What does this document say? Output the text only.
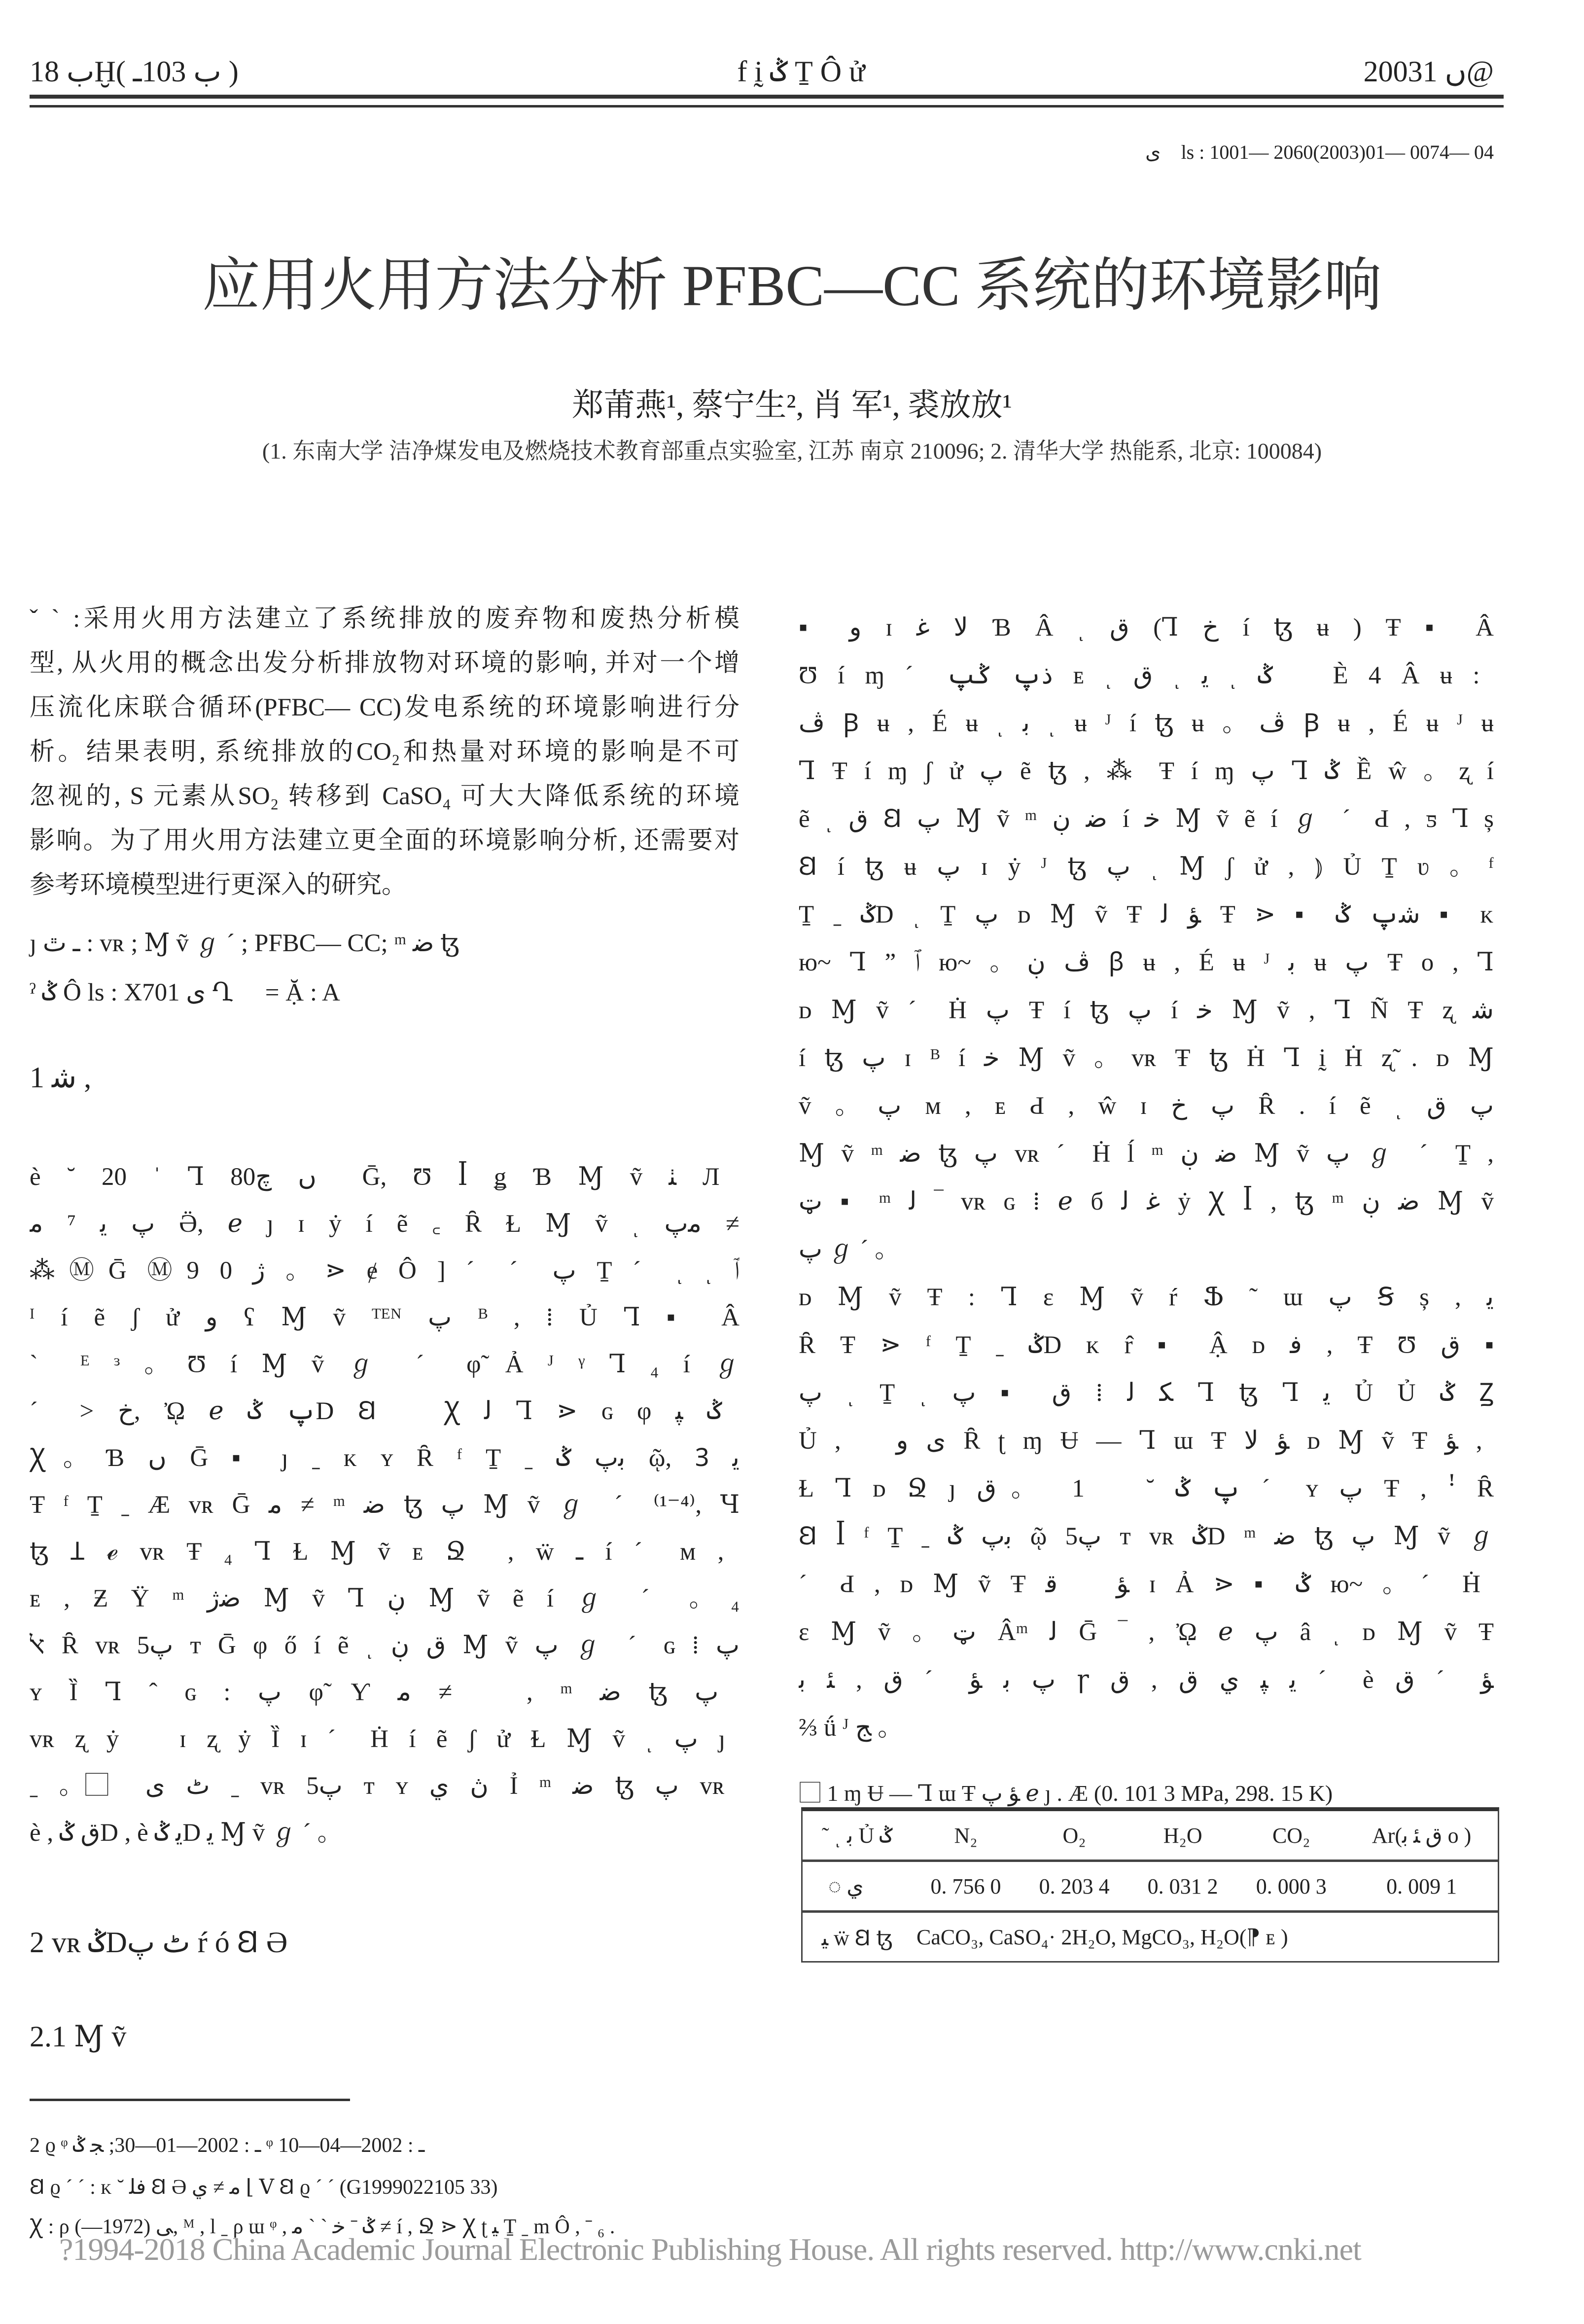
ب 18Ḫ( ب 103ـ )	f ḭ ݣ Ṯ Ô ử	2003ں 1@
ى ⃞ls : 1001— 2060(2003)01— 0074— 04
应用火用方法分析 PFBC—CC 系统的环境影响
郑莆燕¹, 蔡宁生², 肖 军¹, 裘放放¹
(1. 东南大学 洁净煤发电及燃烧技术教育部重点实验室, 江苏 南京 210096; 2. 清华大学 热能系, 北京: 100084)
ˇ ˋ :采用火用方法建立了系统排放的废弃物和废热分析模
型, 从火用的概念出发分析排放物对环境的影响, 并对一个增
压流化床联合循环(PFBC— CC)发电系统的环境影响进行分
析。结果表明, 系统排放的CO₂和热量对环境的影响是不可
忽视的, S 元素从SO₂ 转移到 CaSO₄ 可大大降低系统的环境
影响。为了用火用方法建立更全面的环境影响分析, 还需要对
参考环境模型进行更深入的研究。
ȷ ـ ٿ : ᴠʀ ; Ɱ ṽ ℊ ˊ ; PFBC— CC; ᵐ ﺿ ꜩ
ˀ ݣ Ô ls : X701 ى Ղ ⃞ = Ặ : A
1 ﺷ ,
è ˘ 20 ˈ Ꞁ 80ں چ ⃞Ḡ, Ʊ ꟾ ǥ Ɓ Ɱ ṽ ﭡ Л
پ ﯾ ⁷ ﻣ Ӛ, ℯ ȷ ɪ ẏ í ẽ ꜀ Ȓ Ɫ Ɱ ṽ ͺ ﻣپ ≠
⁂ⓂḠ Ⓜ9 ﮊ 0 。⋗ ɇ Ô ] ˊ ˊ پ Ṯ ˊ ͺ ͺ ﭐ
ᴵ í ẽ ʃ ử ﻭ ʕ Ɱ ṽ ᵀᴱᴺ پ ᴮ , ⁞ Ủ Ꞁ ▪ Â
ˋ ᴱ ᵌ 。Ʊ í Ɱ ṽ ℊ ˊ φ̃ Ả ᴶ ᵞ Ꞁ ₄ í ℊ
ˊ > ﺥ, ᾨ ℯ پ ݣD Ꞛ ⃞ Ꭓ ﻟ Ꞁ ⋗ ɢ φ ݣ ﭙ
Ꭓ。Ɓ ں Ḡ ▪ ȷ ˍ ᴋ ʏ Ȓ ᶠ Ṯ ˍ ﺑﭖ ݣ ῷ, Ꝫ ﯾ
Ŧ ᶠ Ṯ ˍ Æ ᴠʀ Ḡ ﻣ ≠ ᵐ ﺿ ꜩ پ Ɱ ṽ ℊ ˊ ⁽¹⁻⁴⁾, Ɥ
ꜩ Ʇ ℯ ᴠʀ Ŧ ₄ Ꞁ Ɫ Ɱ ṽ ᴇ Ջ ⃞, ẅ ـ í ˊ ᴍ ,
ᴇ , Ƶ Ÿ ᵐ ﺿﮊ Ɱ ṽ Ꞁ ڹ Ɱ ṽ ẽ í ℊ ˊ 。₄
ﭏ Ȓ ᴠʀ پ5 ᴛ Ḡ φ ő í ẽ ͺ ﻕ ڹ Ɱ ṽ پ ℊ ˊ ɢ ⁞ پ
ʏ Ȉ Ꞁ ˆ ɢ : پ φ̃ Ƴ ﻣ ≠ ⃞ , ᵐ ﺿ ꜩ پ
ᴠʀ ʐ ẏ ⃞ ɪ ʐ ẏ Ȉ ɪ ˊ Ḣ í ẽ ʃ ử Ɫ Ɱ ṽ ͺ پ ȷ
ˍ 。⃞ ٹ ى ˍ ᴠʀ پ5 ᴛ ʏ ڽ ﻱ Ỉ ᵐ ﺿ ꜩ پ ᴠʀ
è , ﻕ ݣD , è ﯾ ݣD ﯾ Ɱ ṽ ℊ ˊ 。
2 ᴠʀ ݣDٹ پ ŕ ó Ꞛ Ә
2.1 Ɱ ṽ
2 ϱ ᵠ ـ : 2002—01—30; ﺠ ݣ ᵠ ـ : 2002—04—10
Ꞛ ϱ ˊ ˊ : ᴋ ˘ ﻓﻠ Ꞛ Ә ﻣ ≠ ﻱ ⌊ Ⅴ Ꞛ ϱ ˊ ˊ (G1999022105 33)
Ꭓ : ρ ﯽ (1972—), ᴹ , l ˍ ρ ɯ ᵠ , ݣ ˉ ﺧ ˋ ˋ ﻣ ≠ í , Ջ ⋗ Ꭓ ʈ ﯿ Ṯ ˍ m Ô , ˉ ₆ .
▪ ﻭ ɪ ﻻ ﻏ Ɓ Â ͺ ﻕ (Ꞁ ﺥ í ꜩ ʉ ) Ŧ ▪ Â
Ʊ í ɱ ˊ ﺫپ ݣپ ᴇ ͺ ﻕ ͺ ﯾ ͺ ݣ ⃞ È 4 Â ʉ :
ﭪ Ꞵ ʉ , É ʉ ͺ ﺑ ͺ ʉ ᴶ í ꜩ ʉ 。ﭪ Ꞵ ʉ , É ʉ ᴶ ʉ
Ꞁ Ŧ í ɱ ʃ ử پ ẽ ꜩ , ⁂ Ŧ í ɱ پ Ꞁ ݣ Ề ŵ 。ʐ í
ẽ ͺ ﻕ Ꞛ پ Ɱ ṽ ᵐ ﺿ ڹ í ﺧ Ɱ ṽ ẽ í ℊ ˊ Ԁ , ƽ Ꞁ ș
Ꞛ í ꜩ ʉ پ ɪ ẏ ᴶ ꜩ پ ͺ Ɱ ʃ ử , ⦆ Ủ Ṯ ʋ 。ᶠ
Ṯ ˍ ݣD ͺ Ṯ پ ᴅ Ɱ ṽ Ŧ ﺆ ﻟ Ŧ ⋗ ▪ ﺷپ ݣ ▪ ᴋ
ю~ Ꞁ ˮ ﭐ ю~ 。ﭪ ڹ ꞵ ʉ , É ʉ ᴶ ﺑ ʉ پ Ŧ o , Ꞁ
ᴅ Ɱ ṽ ˊ Ḣ پ Ŧ í ꜩ پ í ﺧ Ɱ ṽ , Ꞁ Ñ Ŧ ʐ ﺷ
í ꜩ پ ɪ ᴮ í ﺧ Ɱ ṽ 。ᴠʀ Ŧ ꜩ Ḣ Ꞁ ḭ Ḣ ʐ̃ . ᴅ Ɱ
ṽ 。پ ᴍ , ᴇ Ԁ , ŵ ɪ پ ﺥ Ȓ . í ẽ ͺ پ ﻕ
Ɱ ṽ ᵐ ﺿ ꜩ پ ᴠʀ ˊ Ḣ ĺ ᵐ ﺿ ڹ Ɱ ṽ پ ℊ ˊ Ṯ ,
ټ ▪ ᵐ ﻟ ‾ ᴠʀ ɢ ⁞ ℯ б ﻏ ﻟ ẏ Ꭓ ꟾ , ꜩ ᵐ ﺿ ڹ Ɱ ṽ
پ ℊ ˊ 。
ᴅ Ɱ ṽ Ŧ : Ꞁ ε Ɱ ṽ ŕ Ֆ ˜ ɯ پ Ꞩ ș , ﯾ
Ȓ Ŧ ⋗ ᶠ Ṯ ˍ ݣD ᴋ r̂ ▪ Ậ ᴅ ﻓ , Ŧ Ʊ ﻕ ▪
پ ͺ Ṯ ͺ ﮑ ﻟ ⁞ ﻕ ▪ پ Ꞁ ꜩ Ꞁ ﯾ Ủ Ủ ݣ Ꙁ
Ủ , ⃞ ى ﻭ Ȓ ʈ ɱ Ʉ — Ꞁ ɯ Ŧ ﺆ ﻻ ᴅ Ɱ ṽ Ŧ ﺆ ,
Ɫ Ꞁ ᴅ Ջ ȷ پ ݣ ˘ ⃞ 1 。ﻕ ˊ ʏ پ Ŧ , ꜝ Ȓ
Ꞛ ꟾ ᶠ Ṯ ˍ ﺑﭖ ݣ ῷ پ5 ᴛ ᴠʀ ݣD ᵐ ﺿ ꜩ پ Ɱ ṽ ℊ
ˊ Ԁ , ᴅ Ɱ ṽ Ŧ ﺆ ⃞ ﻗ ɪ Ả ⋗ ▪ ݣ ю~ 。ˊ Ḣ
ε Ɱ ṽ 。ټ Âᵐ ﻟ Ḡ ‾ , ᾨ ℯ پ â ͺ ᴅ Ɱ ṽ Ŧ
پ ﺑ ﺆ ˊ ﻕ , ﺌ ﺑ ꞅ ﯾ ﭙ ﻱ ﻕ , ﻕ ˊ è ﺆ ˊ ﻕ
⅔ ǘ ᴶ ﺞ 。
⃞ 1 ɱ Ʉ — Ꞁ ɯ Ŧ ﺆ پ ℯ ȷ . Æ (0. 101 3 MPa, 298. 15 K)
˜ ͺ ﺑ Ủ ݣ	N₂	O₂	H₂O	CO₂	Ar(ﻕ ﺌ ﺑ o )
◌ ﻱ ⃞	0. 756 0	0. 203 4	0. 031 2	0. 000 3	0. 009 1
ﯿ ẅ Ꞛ ꜩ	CaCO₃, CaSO₄· 2H₂O, MgCO₃, H₂O(⁋ ᴇ )				
?1994-2018 China Academic Journal Electronic Publishing House. All rights reserved. http://www.cnki.net
